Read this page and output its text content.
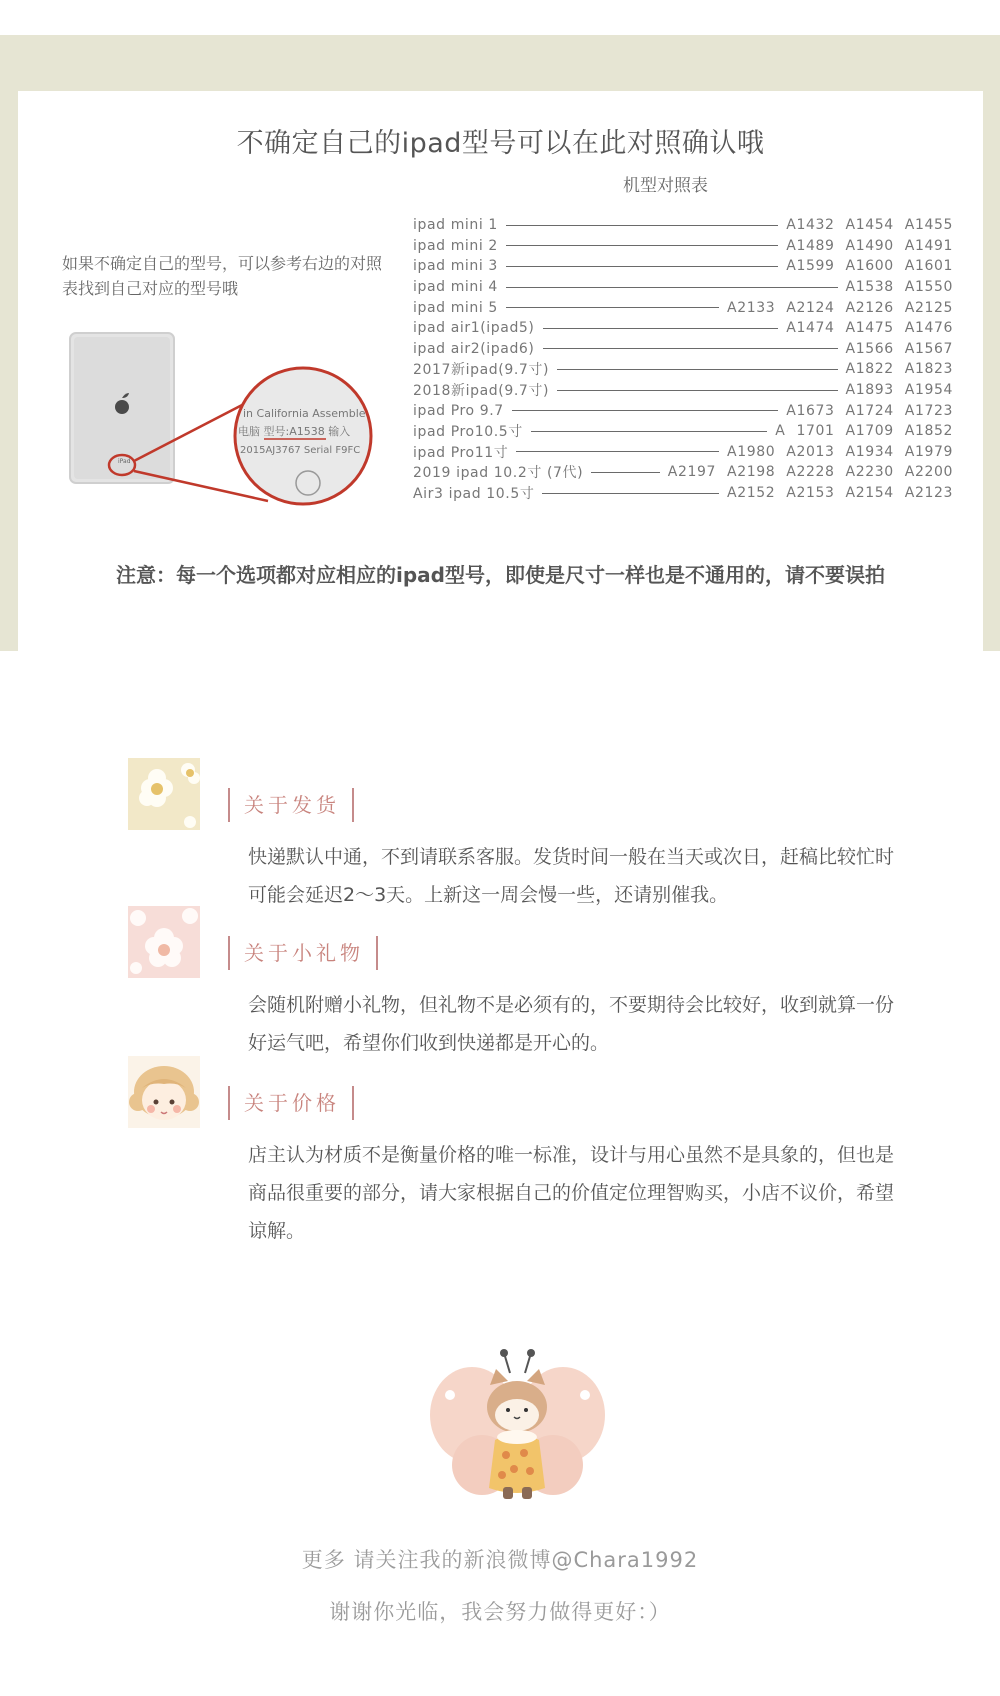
不确定自己的ipad型号可以在此对照确认哦
机型对照表
如果不确定自己的型号，可以参考右边的对照表找到自己对应的型号哦
iPad
in California Assemble
电脑 型号:A1538 输入
2015AJ3767 Serial F9FC
ipad mini 1	A1432 A1454 A1455
ipad mini 2	A1489 A1490 A1491
ipad mini 3	A1599 A1600 A1601
ipad mini 4	A1538 A1550
ipad mini 5	A2133 A2124 A2126 A2125
ipad air1(ipad5)	A1474 A1475 A1476
ipad air2(ipad6)	A1566 A1567
2017新ipad(9.7寸)	A1822 A1823
2018新ipad(9.7寸)	A1893 A1954
ipad Pro 9.7	A1673 A1724 A1723
ipad Pro10.5寸	A 1701 A1709 A1852
ipad Pro11寸	A1980 A2013 A1934 A1979
2019 ipad 10.2寸 (7代)	A2197 A2198 A2228 A2230 A2200
Air3 ipad 10.5寸	A2152 A2153 A2154 A2123
注意：每一个选项都对应相应的ipad型号，即使是尺寸一样也是不通用的，请不要误拍
关于发货
快递默认中通，不到请联系客服。发货时间一般在当天或次日，赶稿比较忙时可能会延迟2～3天。上新这一周会慢一些，还请别催我。
关于小礼物
会随机附赠小礼物，但礼物不是必须有的，不要期待会比较好，收到就算一份好运气吧，希望你们收到快递都是开心的。
关于价格
店主认为材质不是衡量价格的唯一标准，设计与用心虽然不是具象的，但也是商品很重要的部分，请大家根据自己的价值定位理智购买，小店不议价，希望谅解。
更多 请关注我的新浪微博@Chara1992
谢谢你光临，我会努力做得更好：）
